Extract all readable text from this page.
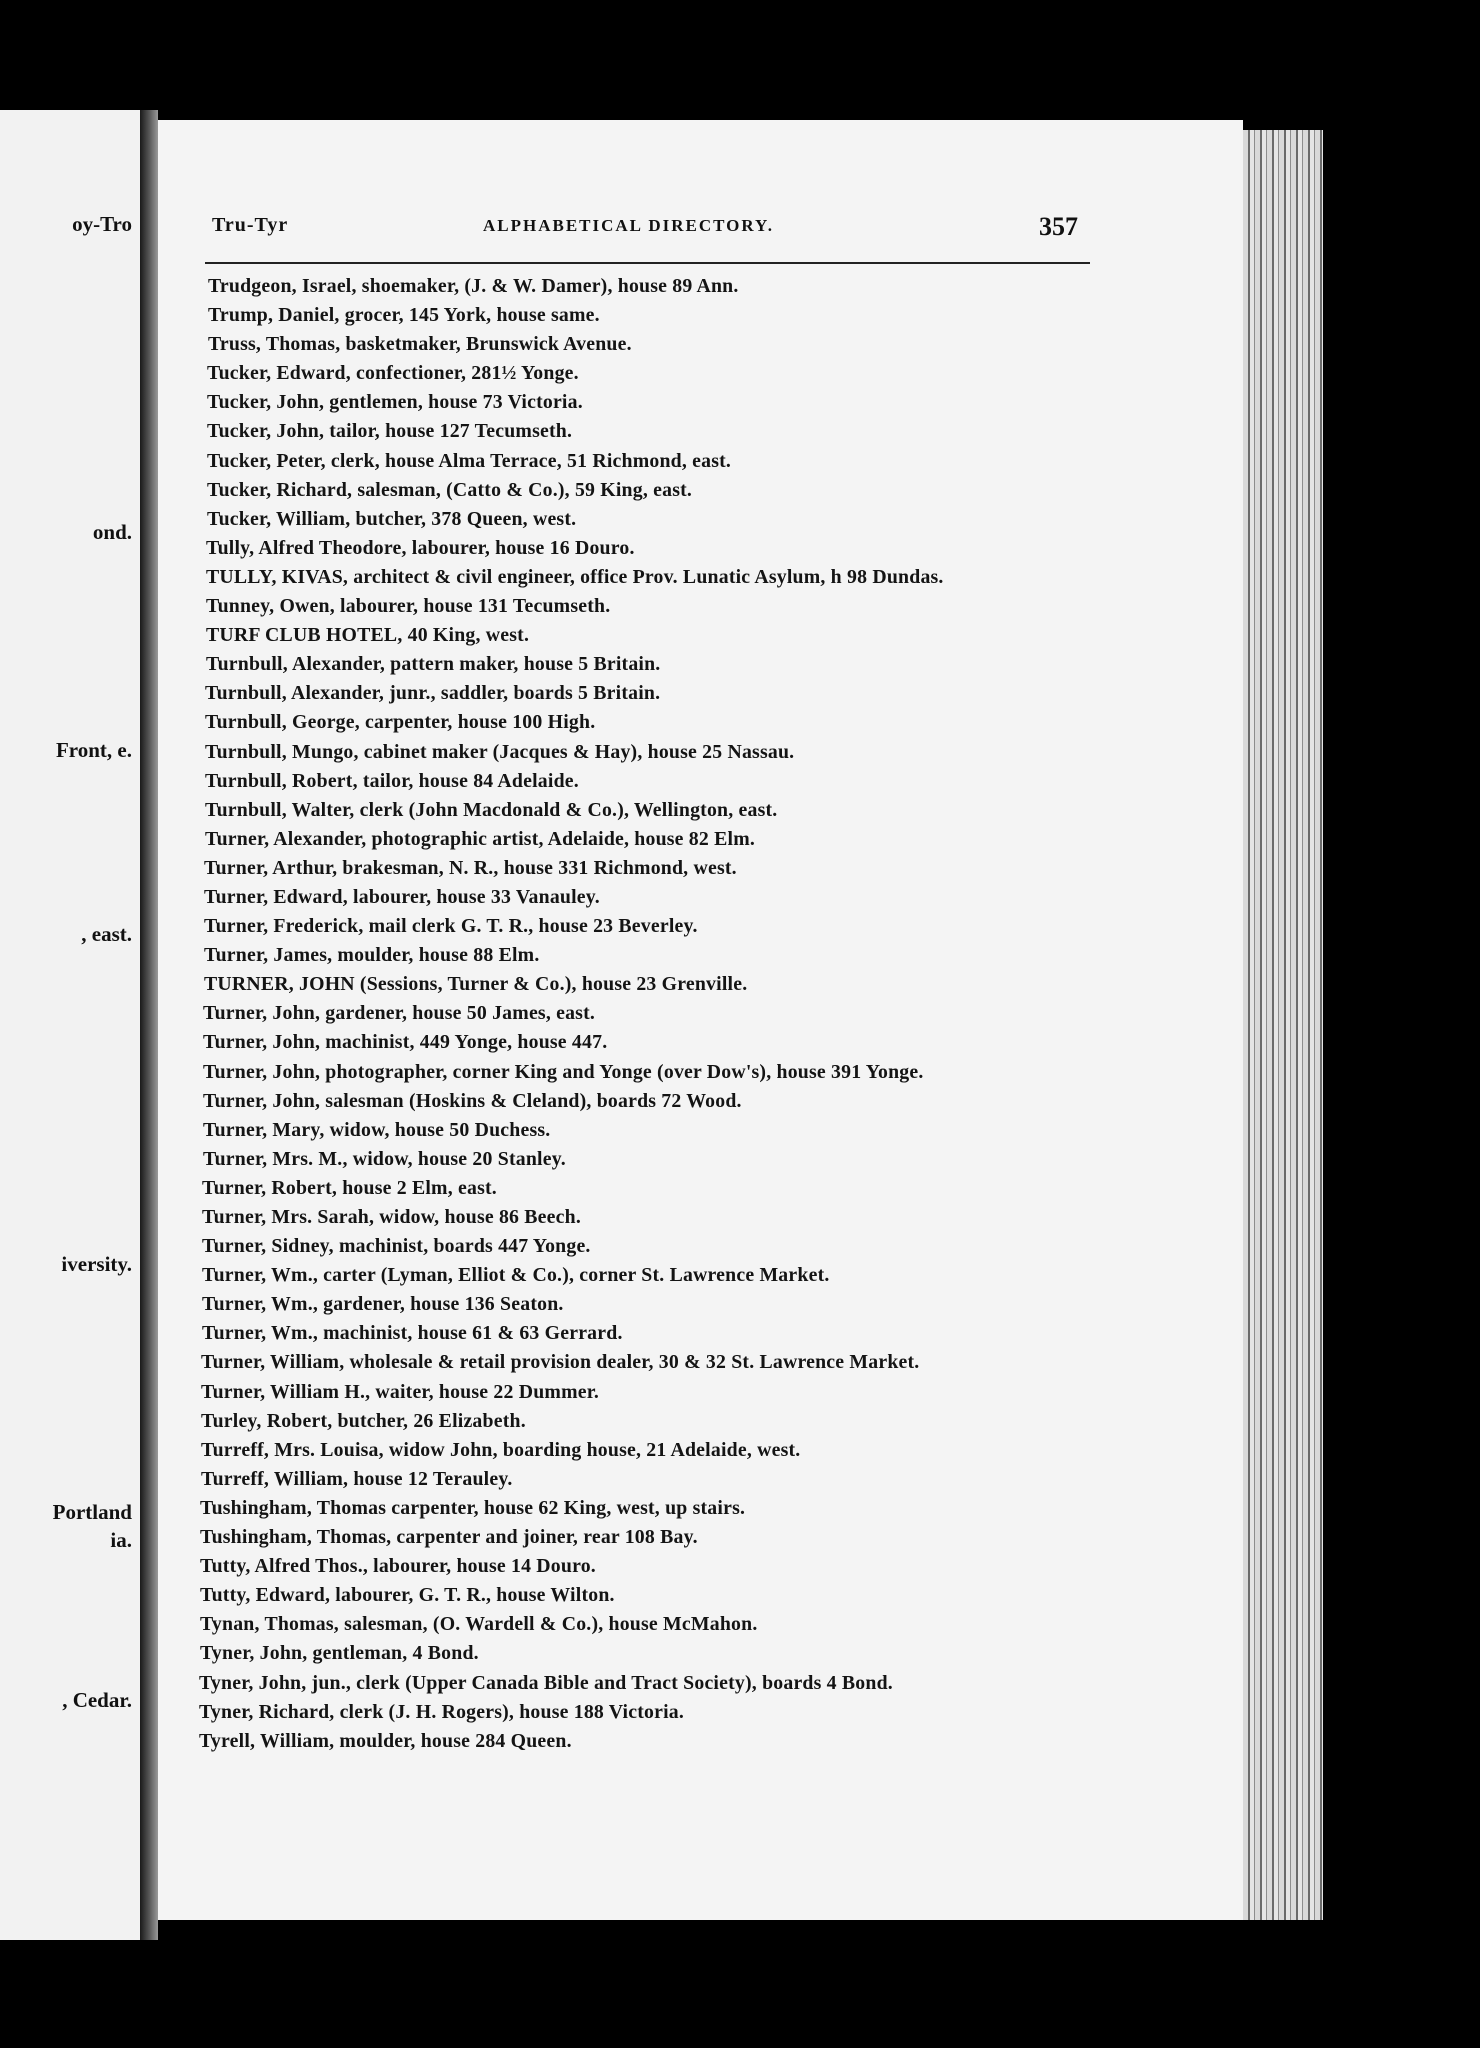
oy-Tro
ond.
Front, e.
, east.
iversity.
Portland
ia.
, Cedar.
Tru-Tyr	ALPHABETICAL DIRECTORY.	357
Trudgeon, Israel, shoemaker, (J. & W. Damer), house 89 Ann.
Trump, Daniel, grocer, 145 York, house same.
Truss, Thomas, basketmaker, Brunswick Avenue.
Tucker, Edward, confectioner, 281½ Yonge.
Tucker, John, gentlemen, house 73 Victoria.
Tucker, John, tailor, house 127 Tecumseth.
Tucker, Peter, clerk, house Alma Terrace, 51 Richmond, east.
Tucker, Richard, salesman, (Catto & Co.), 59 King, east.
Tucker, William, butcher, 378 Queen, west.
Tully, Alfred Theodore, labourer, house 16 Douro.
TULLY, KIVAS, architect & civil engineer, office Prov. Lunatic Asylum, h 98 Dundas.
Tunney, Owen, labourer, house 131 Tecumseth.
TURF CLUB HOTEL, 40 King, west.
Turnbull, Alexander, pattern maker, house 5 Britain.
Turnbull, Alexander, junr., saddler, boards 5 Britain.
Turnbull, George, carpenter, house 100 High.
Turnbull, Mungo, cabinet maker (Jacques & Hay), house 25 Nassau.
Turnbull, Robert, tailor, house 84 Adelaide.
Turnbull, Walter, clerk (John Macdonald & Co.), Wellington, east.
Turner, Alexander, photographic artist, Adelaide, house 82 Elm.
Turner, Arthur, brakesman, N. R., house 331 Richmond, west.
Turner, Edward, labourer, house 33 Vanauley.
Turner, Frederick, mail clerk G. T. R., house 23 Beverley.
Turner, James, moulder, house 88 Elm.
TURNER, JOHN (Sessions, Turner & Co.), house 23 Grenville.
Turner, John, gardener, house 50 James, east.
Turner, John, machinist, 449 Yonge, house 447.
Turner, John, photographer, corner King and Yonge (over Dow's), house 391 Yonge.
Turner, John, salesman (Hoskins & Cleland), boards 72 Wood.
Turner, Mary, widow, house 50 Duchess.
Turner, Mrs. M., widow, house 20 Stanley.
Turner, Robert, house 2 Elm, east.
Turner, Mrs. Sarah, widow, house 86 Beech.
Turner, Sidney, machinist, boards 447 Yonge.
Turner, Wm., carter (Lyman, Elliot & Co.), corner St. Lawrence Market.
Turner, Wm., gardener, house 136 Seaton.
Turner, Wm., machinist, house 61 & 63 Gerrard.
Turner, William, wholesale & retail provision dealer, 30 & 32 St. Lawrence Market.
Turner, William H., waiter, house 22 Dummer.
Turley, Robert, butcher, 26 Elizabeth.
Turreff, Mrs. Louisa, widow John, boarding house, 21 Adelaide, west.
Turreff, William, house 12 Terauley.
Tushingham, Thomas carpenter, house 62 King, west, up stairs.
Tushingham, Thomas, carpenter and joiner, rear 108 Bay.
Tutty, Alfred Thos., labourer, house 14 Douro.
Tutty, Edward, labourer, G. T. R., house Wilton.
Tynan, Thomas, salesman, (O. Wardell & Co.), house McMahon.
Tyner, John, gentleman, 4 Bond.
Tyner, John, jun., clerk (Upper Canada Bible and Tract Society), boards 4 Bond.
Tyner, Richard, clerk (J. H. Rogers), house 188 Victoria.
Tyrell, William, moulder, house 284 Queen.
